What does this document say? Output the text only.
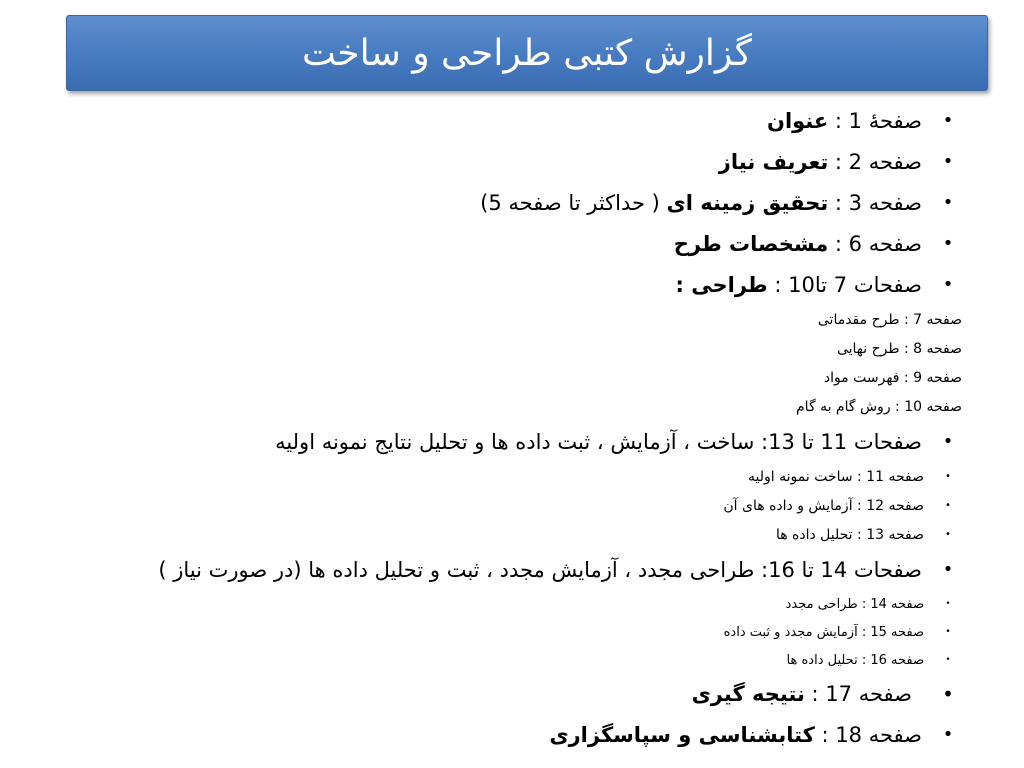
گزارش کتبی طراحی و ساخت
•
صفحهٔ 1 : عنوان
•
صفحه 2 : تعریف نیاز
•
صفحه 3 : تحقیق زمینه ای ( حداکثر تا صفحه 5)
•
صفحه 6 : مشخصات طرح
•
صفحات 7 تا10 : طراحی :
صفحه 7 : طرح مقدماتی
صفحه 8 : طرح نهایی
صفحه 9 : فهرست مواد
صفحه 10 : روش گام به گام
•
صفحات 11 تا 13: ساخت ، آزمایش ، ثبت داده ها و تحلیل نتایج نمونه اولیه
•
صفحه 11 : ساخت نمونه اولیه
•
صفحه 12 : آزمایش و داده های آن
•
صفحه 13 : تحلیل داده ها
•
صفحات 14 تا 16: طراحی مجدد ، آزمایش مجدد ، ثبت و تحلیل داده ها (در صورت نیاز )
•
صفحه 14 : طراحی مجدد
•
صفحه 15 : آزمایش مجدد و ثبت داده
•
صفحه 16 : تحلیل داده ها
•
صفحه 17 : نتیجه گیری
•
صفحه 18 : کتابشناسی و سپاسگزاری
